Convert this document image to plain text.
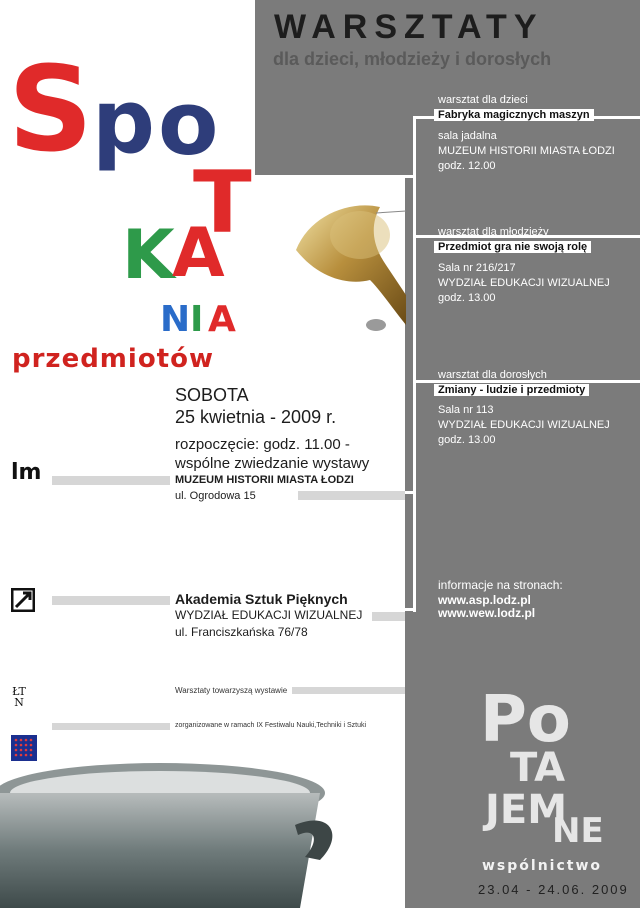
WARSZTATY
dla dzieci, młodzieży i dorosłych
S p o
T
K
A
N I A
przedmiotów
SOBOTA
25 kwietnia - 2009 r.
rozpoczęcie: godz. 11.00 -
wspólne zwiedzanie wystawy
MUZEUM HISTORII MIASTA ŁODZI
ul. Ogrodowa 15
lm
Akademia Sztuk Pięknych
WYDZIAŁ EDUKACJI WIZUALNEJ
ul. Franciszkańska 76/78
warsztat dla dzieci
Fabryka magicznych maszyn
sala jadalna
MUZEUM HISTORII MIASTA ŁODZI
godz. 12.00
warsztat dla młodzieży
Przedmiot gra nie swoją rolę
Sala nr 216/217
WYDZIAŁ EDUKACJI WIZUALNEJ
godz. 13.00
warsztat dla dorosłych
Zmiany - ludzie i przedmioty
Sala nr 113
WYDZIAŁ EDUKACJI WIZUALNEJ
godz. 13.00
informacje na stronach:
www.asp.lodz.pl
www.wew.lodz.pl
Warsztaty towarzyszą wystawie
zorganizowane w ramach IX Festiwalu Nauki,Techniki i Sztuki
ŁTN	Po
TA
JEM
NE
wspólnictwo
23.04 - 24.06. 2009
